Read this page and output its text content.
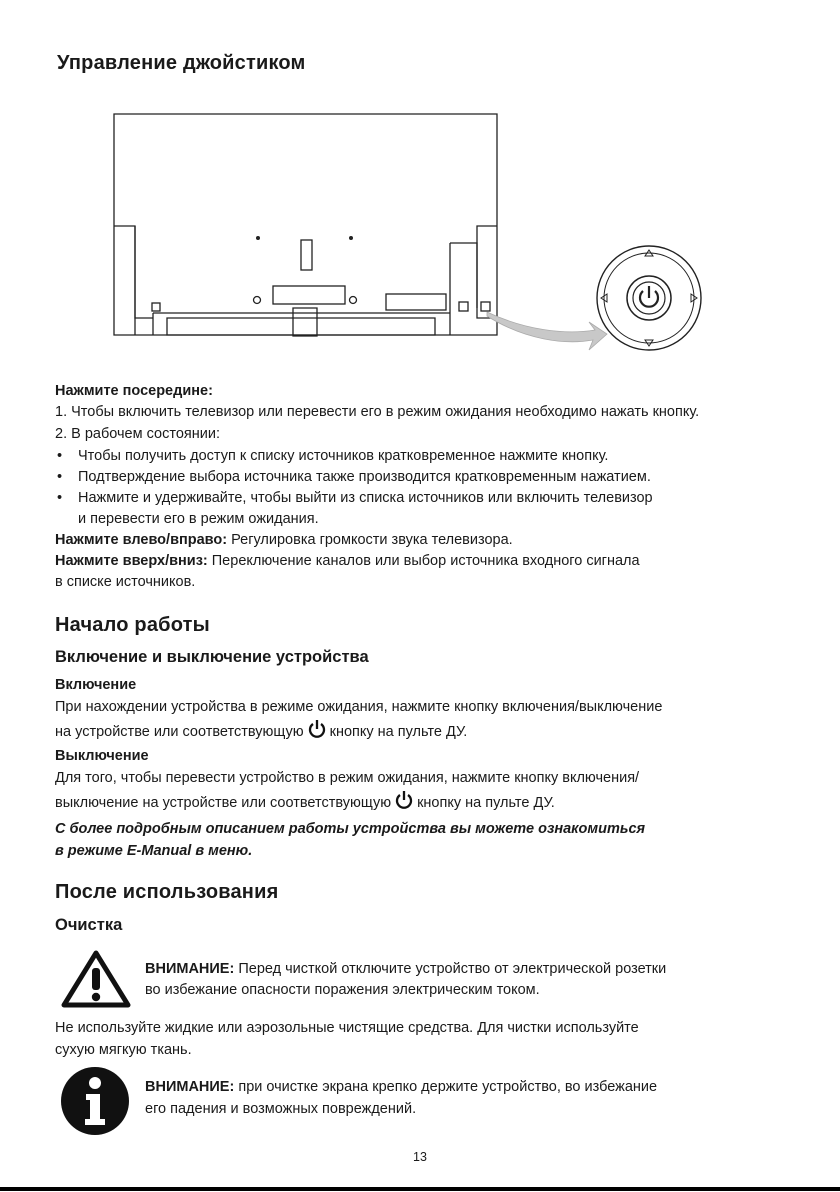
Управление джойстиком
Нажмите посередине:
1. Чтобы включить телевизор или перевести его в режим ожидания необходимо нажать кнопку.
2. В рабочем состоянии:
• Чтобы получить доступ к списку источников кратковременное нажмите кнопку.
• Подтверждение выбора источника также производится кратковременным нажатием.
• Нажмите и удерживайте, чтобы выйти из списка источников или включить телевизор
и перевести его в режим ожидания.
Нажмите влево/вправо: Регулировка громкости звука телевизора.
Нажмите вверх/вниз: Переключение каналов или выбор источника входного сигнала
в списке источников.
Начало работы
Включение и выключение устройства
Включение
При нахождении устройства в режиме ожидания, нажмите кнопку включения/выключение
на устройстве или соответствующую кнопку на пульте ДУ.
Выключение
Для того, чтобы перевести устройство в режим ожидания, нажмите кнопку включения/
выключение на устройстве или соответствующую кнопку на пульте ДУ.
С более подробным описанием работы устройства вы можете ознакомиться
в режиме E-Manual в меню.
После использования
Очистка
ВНИМАНИЕ: Перед чисткой отключите устройство от электрической розетки
во избежание опасности поражения электрическим током.
Не используйте жидкие или аэрозольные чистящие средства. Для чистки используйте
сухую мягкую ткань.
ВНИМАНИЕ: при очистке экрана крепко держите устройство, во избежание
его падения и возможных повреждений.
13
